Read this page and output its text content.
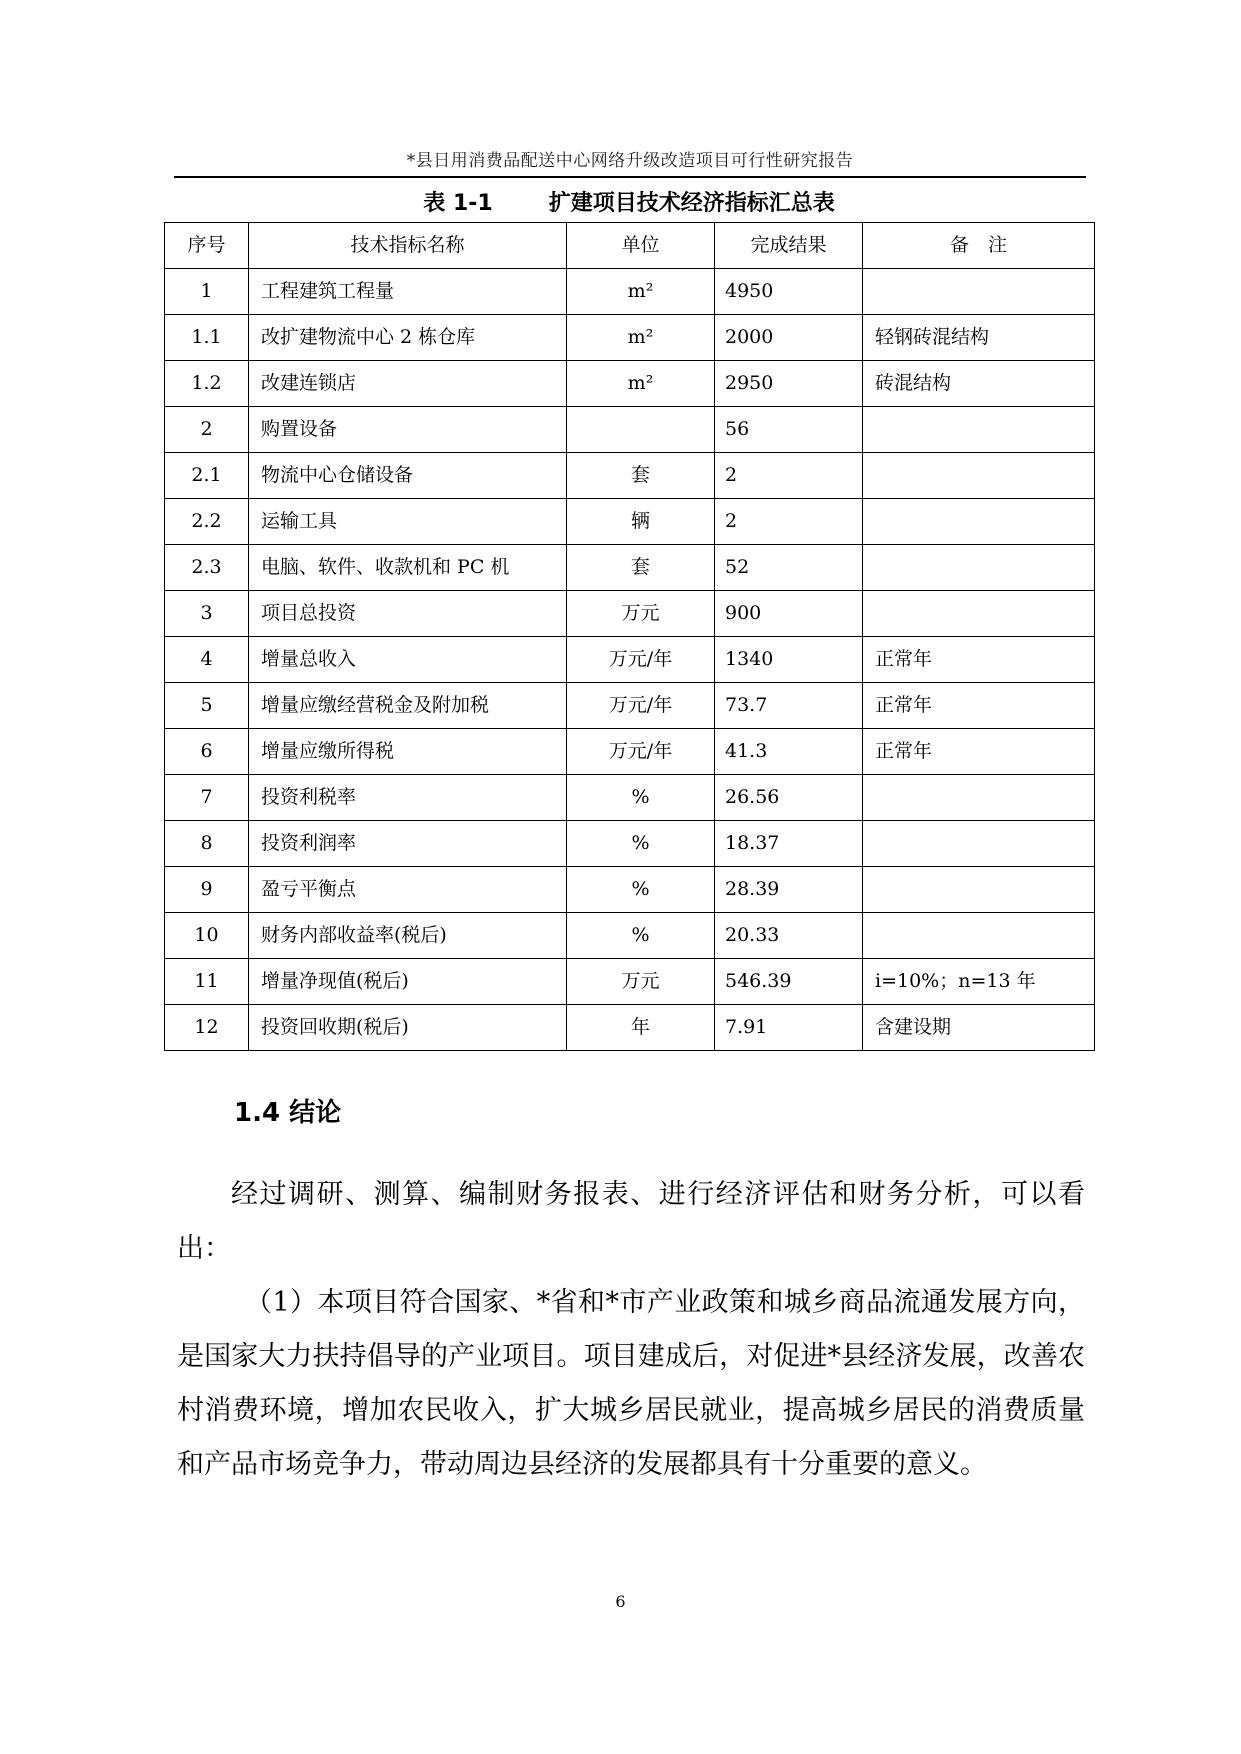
*县日用消费品配送中心网络升级改造项目可行性研究报告
表 1-1	扩建项目技术经济指标汇总表
序号	技术指标名称	单位	完成结果	备　注
1	工程建筑工程量	m²	4950	
1.1	改扩建物流中心 2 栋仓库	m²	2000	轻钢砖混结构
1.2	改建连锁店	m²	2950	砖混结构
2	购置设备		56	
2.1	物流中心仓储设备	套	2	
2.2	运输工具	辆	2	
2.3	电脑、软件、收款机和 PC 机	套	52	
3	项目总投资	万元	900	
4	增量总收入	万元/年	1340	正常年
5	增量应缴经营税金及附加税	万元/年	73.7	正常年
6	增量应缴所得税	万元/年	41.3	正常年
7	投资利税率	%	26.56	
8	投资利润率	%	18.37	
9	盈亏平衡点	%	28.39	
10	财务内部收益率(税后)	%	20.33	
11	增量净现值(税后)	万元	546.39	i=10%；n=13 年
12	投资回收期(税后)	年	7.91	含建设期
1.4 结论

经过调研、测算、编制财务报表、进行经济评估和财务分析，可以看出：

（1）本项目符合国家、*省和*市产业政策和城乡商品流通发展方向，是国家大力扶持倡导的产业项目。项目建成后，对促进*县经济发展，改善农村消费环境，增加农民收入，扩大城乡居民就业，提高城乡居民的消费质量和产品市场竞争力，带动周边县经济的发展都具有十分重要的意义。

6
